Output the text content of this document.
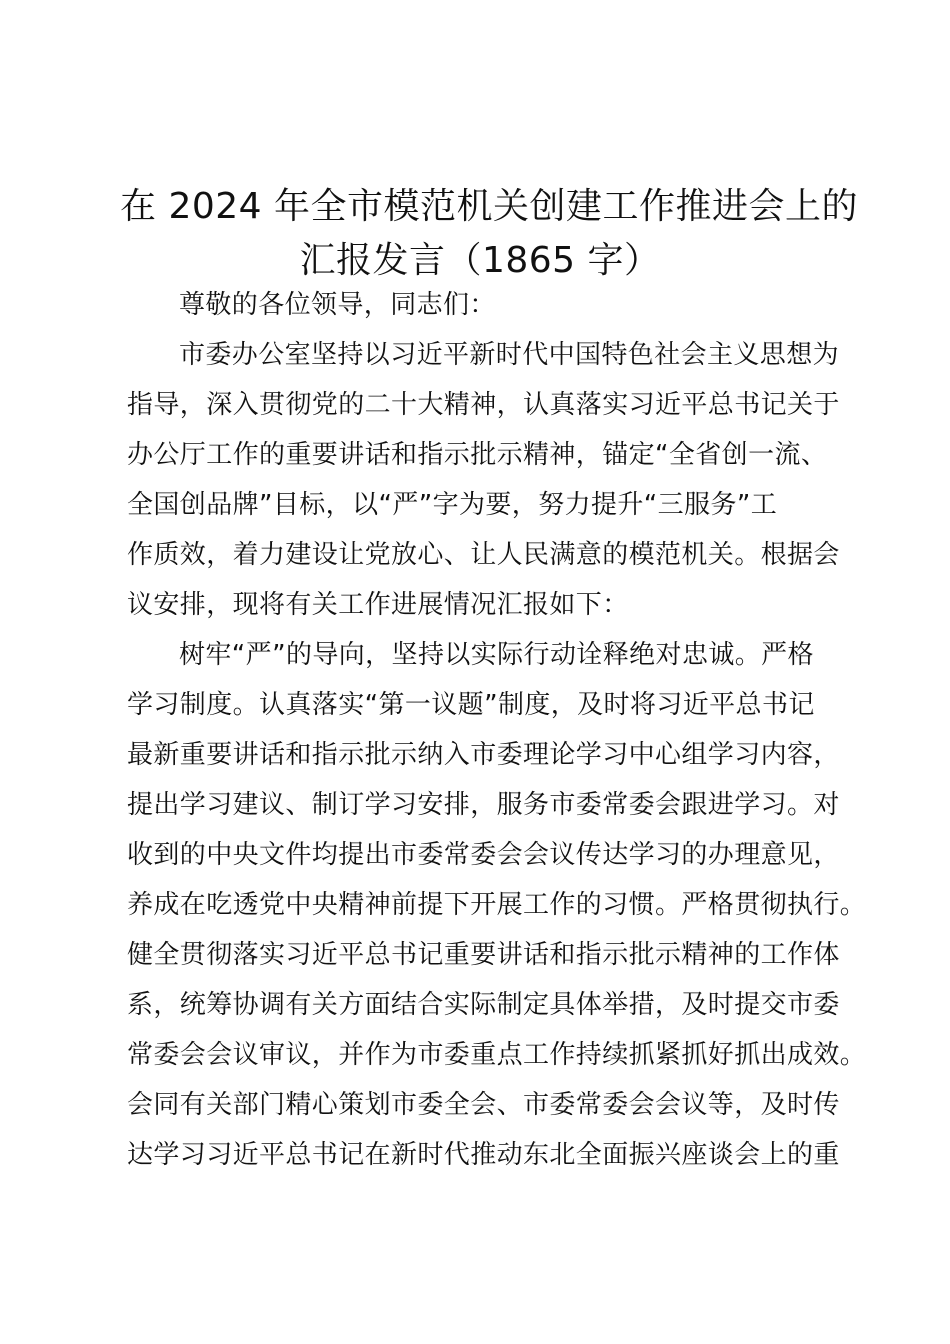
在 2024 年全市模范机关创建工作推进会上的
汇报发言（1865 字）
尊敬的各位领导，同志们：
市委办公室坚持以习近平新时代中国特色社会主义思想为
指导，深入贯彻党的二十大精神，认真落实习近平总书记关于
办公厅工作的重要讲话和指示批示精神，锚定“全省创一流、
全国创品牌”目标，以“严”字为要，努力提升“三服务”工
作质效，着力建设让党放心、让人民满意的模范机关。根据会
议安排，现将有关工作进展情况汇报如下：
树牢“严”的导向，坚持以实际行动诠释绝对忠诚。严格
学习制度。认真落实“第一议题”制度，及时将习近平总书记
最新重要讲话和指示批示纳入市委理论学习中心组学习内容，
提出学习建议、制订学习安排，服务市委常委会跟进学习。对
收到的中央文件均提出市委常委会会议传达学习的办理意见，
养成在吃透党中央精神前提下开展工作的习惯。严格贯彻执行。
健全贯彻落实习近平总书记重要讲话和指示批示精神的工作体
系，统筹协调有关方面结合实际制定具体举措，及时提交市委
常委会会议审议，并作为市委重点工作持续抓紧抓好抓出成效。
会同有关部门精心策划市委全会、市委常委会会议等，及时传
达学习习近平总书记在新时代推动东北全面振兴座谈会上的重
